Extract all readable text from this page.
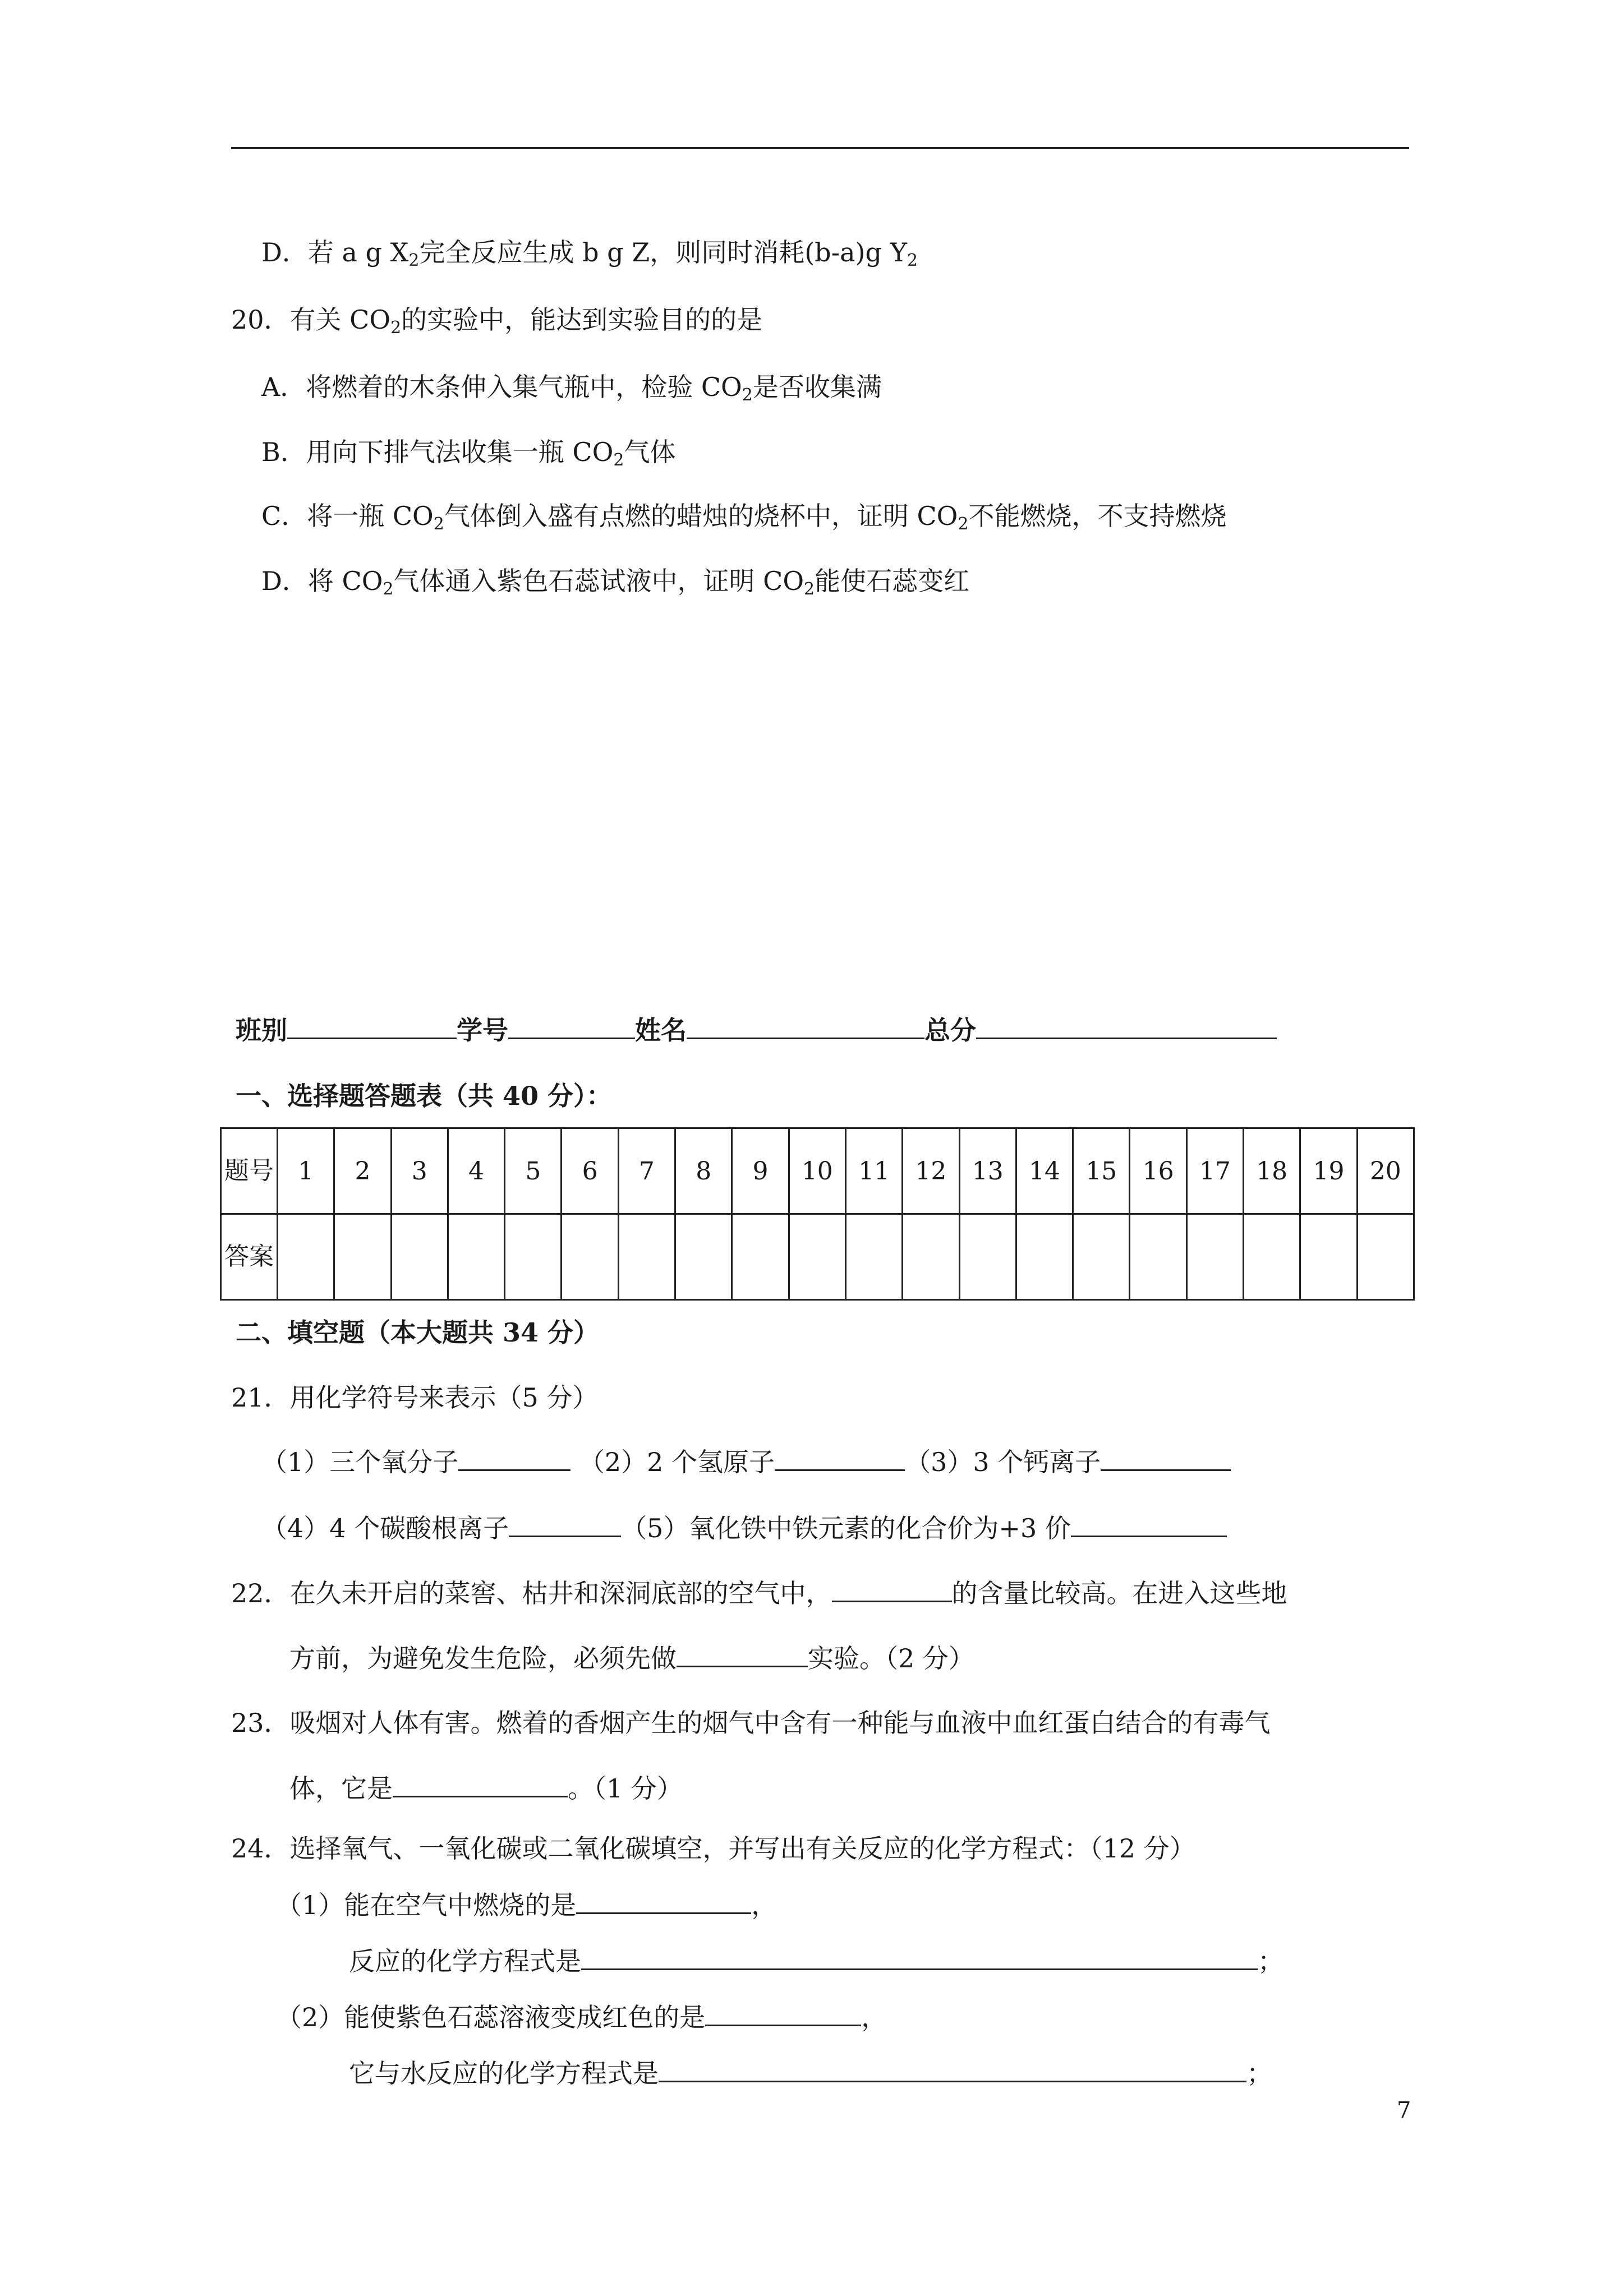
D．若 a g $X_2$完全反应生成 b g Z，则同时消耗(b-a)g $Y_2$
20．有关 $CO_2$的实验中，能达到实验目的的是
A．将燃着的木条伸入集气瓶中，检验 $CO_2$是否收集满
B．用向下排气法收集一瓶 $CO_2$气体
C．将一瓶 $CO_2$气体倒入盛有点燃的蜡烛的烧杯中，证明 $CO_2$不能燃烧，不支持燃烧
D．将 $CO_2$气体通入紫色石蕊试液中，证明 $CO_2$能使石蕊变红
班别	学号	姓名	总分
一、选择题答题表（共 40 分）：
题号	1	2	3	4	5	6	7	8	9	10	11	12	13	14	15	16	17	18	19	20
答案																				
二、填空题（本大题共 34 分）
21．用化学符号来表示（5 分）
（1）三个氧分子	（2）2 个氢原子	（3）3 个钙离子
（4）4 个碳酸根离子	（5）氧化铁中铁元素的化合价为+3 价
22．在久未开启的菜窖、枯井和深洞底部的空气中，	的含量比较高。在进入这些地
方前，为避免发生危险，必须先做	实验。（2 分）
23．吸烟对人体有害。燃着的香烟产生的烟气中含有一种能与血液中血红蛋白结合的有毒气
体，它是	。（1 分）
24．选择氧气、一氧化碳或二氧化碳填空，并写出有关反应的化学方程式：（12 分）
（1）能在空气中燃烧的是	，
反应的化学方程式是	；
（2）能使紫色石蕊溶液变成红色的是	，
它与水反应的化学方程式是	；
7
